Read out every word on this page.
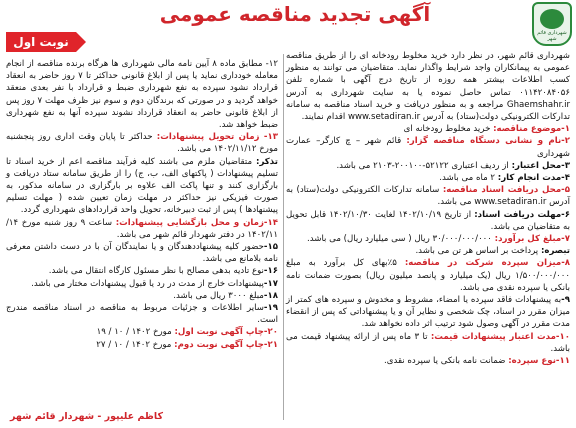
آگهی تجدید مناقصه عمومی
شهرداری قائم شهر
نوبت اول
شهرداری قائم شهر، در نظر دارد خرید مخلوط رودخانه ای را از طریق مناقصه عمومی به پیمانکاران واجد شرایط واگذار نماید. متقاضیان می توانند به منظور کسب اطلاعات بیشتر همه روزه از تاریخ درج آگهی با شماره تلفن ۰۱۱۴۲۰۸۴۰۵۶ تماس حاصل نموده یا به سایت شهرداری به آدرس Ghaemshahr.ir مراجعه و به منظور دریافت و خرید اسناد مناقصه به سامانه تدارکات الکترونیکی دولت(ستاد) به آدرس www.setadiran.ir اقدام نمایند.
۱-موضوع مناقصه: خرید مخلوط رودخانه ای
۲-نام و نشانی دستگاه مناقصه گزار: قائم شهر – چ کارگر– عمارت شهرداری
۳-محل اعتبار: از ردیف اعتباری ۵۲۱۲۲-۲۰۰۱۰۰-۲۱۰۳ می باشد.
۴-مدت انجام کار: ۲ ماه می باشد.
۵-محل دریافت اسناد مناقصه: سامانه تدارکات الکترونیکی دولت(ستاد) به آدرس www.setadiran.ir می باشد.
۶-مهلت دریافت اسناد: از تاریخ ۱۴۰۲/۱۰/۱۹ لغایت ۱۴۰۲/۱۰/۳۰ قابل تحویل به متقاضیان می باشد.
۷-مبلغ کل برآورد: ۳۰/۰۰۰/۰۰۰/۰۰۰ ریال ( سی میلیارد ریال) می باشد.
تبصره: پرداخت بر اساس هر تن می باشد.
۸-میزان سپرده شرکت در مناقصه: ۵٪بهای کل برآورد به مبلغ ۱/۵۰۰/۰۰۰/۰۰۰ ریال (یک میلیارد و پانصد میلیون ریال) بصورت ضمانت نامه بانکی یا سپرده نقدی می باشد.
۹-به پیشنهادات فاقد سپرده یا امضاء، مشروط و مخدوش و سپرده های کمتر از میزان مقرر در اسناد، چک شخصی و نظایر آن و یا پیشنهاداتی که پس از انقضاء مدت مقرر در آگهی وصول شود ترتیب اثر داده نخواهد شد.
۱۰-مدت اعتبار پیشنهادات قیمت: تا ۳ ماه پس از ارائه پیشنهاد قیمت می باشد.
۱۱-نوع سپرده: ضمانت نامه بانکی یا سپرده نقدی.
۱۲- مطابق ماده ۸ آیین نامه مالی شهرداری ها هرگاه برنده مناقصه از انجام معامله خودداری نماید یا پس از ابلاغ قانونی حداکثر تا ۷ روز حاضر به انعقاد قرارداد نشود سپرده به نفع شهرداری ضبط و قرارداد با نفر بعدی منعقد خواهد گردید و در صورتی که برندگان دوم و سوم نیز ظرف مهلت ۷ روز پس از ابلاغ قانونی حاضر به انعقاد قرارداد نشوند سپرده آنها به نفع شهرداری ضبط خواهد شد.
۱۳- زمان تحویل پیشنهادات: حداکثر تا پایان وقت اداری روز پنجشنبه مورخ ۱۴۰۲/۱۱/۱۲ می باشد.
تذکر: متقاضیان ملزم می باشند کلیه فرآیند مناقصه اعم از خرید اسناد تا تسلیم پیشنهادات ( پاکتهای الف، ب، ج) را از طریق سامانه ستاد دریافت و بارگزاری کنند و تنها پاکت الف علاوه بر بارگزاری در سامانه مذکور، به صورت فیزیکی نیز حداکثر در مهلت زمان تعیین شده ( مهلت تسلیم پیشنهادها ) پس از ثبت دبیرخانه، تحویل واحد قراردادهای شهرداری گردد.
۱۴-زمان و محل بازگشایی پیشنهادات: ساعت ۹ روز شنبه مورخ ۱۴/ ۱۴۰۲/۱۱ در دفتر شهردار قائم شهر می باشد.
۱۵-حضور کلیه پیشنهاددهندگان و یا نمایندگان آن با در دست داشتن معرفی نامه بلامانع می باشد.
۱۶-نوع تادیه بدهی مصالح با نظر مسئول کارگاه انتقال می باشد.
۱۷-پیشنهادات خارج از مدت در رد یا قبول پیشنهادات مختار می باشد.
۱۸-مبلغ ۳۰۰۰ ریال می باشد.
۱۹-سایر اطلاعات و جزئیات مربوط به مناقصه در اسناد مناقصه مندرج است.
۲۰-چاپ آگهی نوبت اول: مورخ ۱۴۰۲ / ۱۰ / ۱۹
۲۱-چاپ آگهی نوبت دوم: مورخ ۱۴۰۲ / ۱۰ / ۲۷
کاظم علیپور - شهردار قائم شهر
